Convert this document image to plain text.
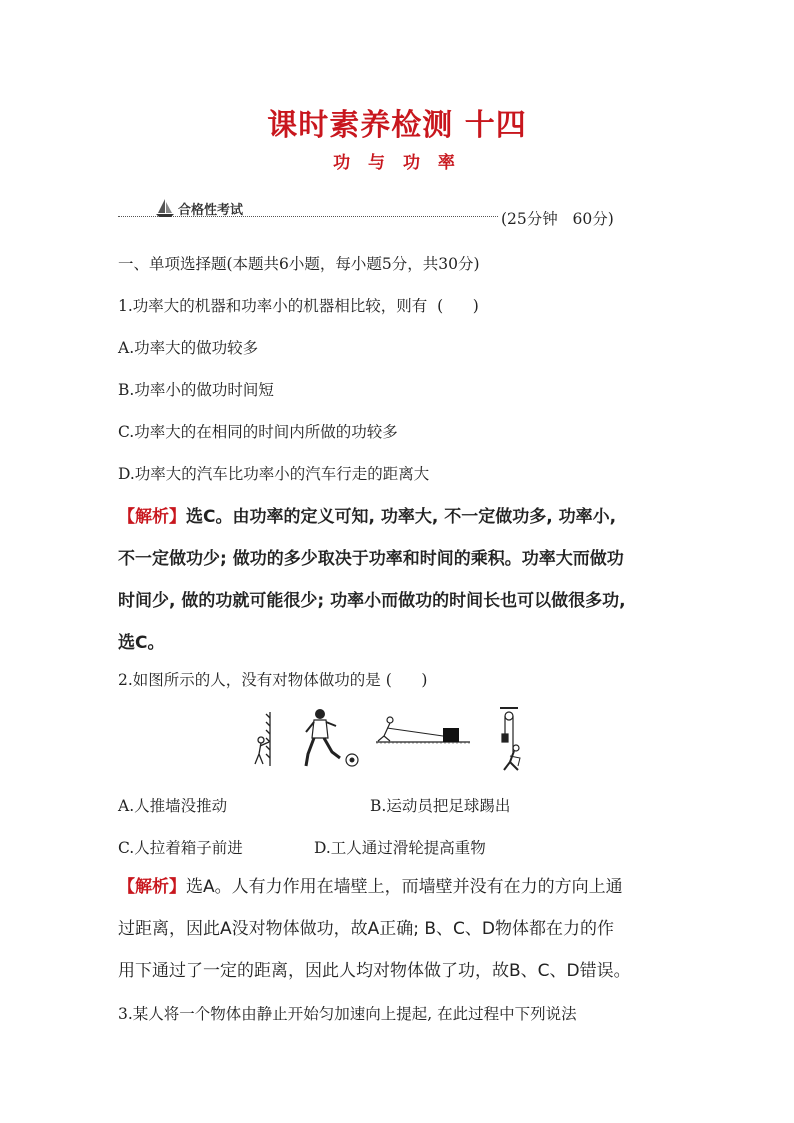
课时素养检测 十四
功 与 功 率
合格性考试	(25分钟   60分)
一、单项选择题(本题共6小题，每小题5分，共30分)
1.功率大的机器和功率小的机器相比较，则有  (      )
A.功率大的做功较多
B.功率小的做功时间短
C.功率大的在相同的时间内所做的功较多
D.功率大的汽车比功率小的汽车行走的距离大
【解析】选C。由功率的定义可知, 功率大, 不一定做功多, 功率小,
不一定做功少; 做功的多少取决于功率和时间的乘积。功率大而做功
时间少, 做的功就可能很少; 功率小而做功的时间长也可以做很多功,
选C。
2.如图所示的人，没有对物体做功的是 (      )
A.人推墙没推动	B.运动员把足球踢出
C.人拉着箱子前进	D.工人通过滑轮提高重物
【解析】选A。人有力作用在墙壁上，而墙壁并没有在力的方向上通
过距离，因此A没对物体做功，故A正确; B、C、D物体都在力的作
用下通过了一定的距离，因此人均对物体做了功，故B、C、D错误。
3.某人将一个物体由静止开始匀加速向上提起, 在此过程中下列说法
